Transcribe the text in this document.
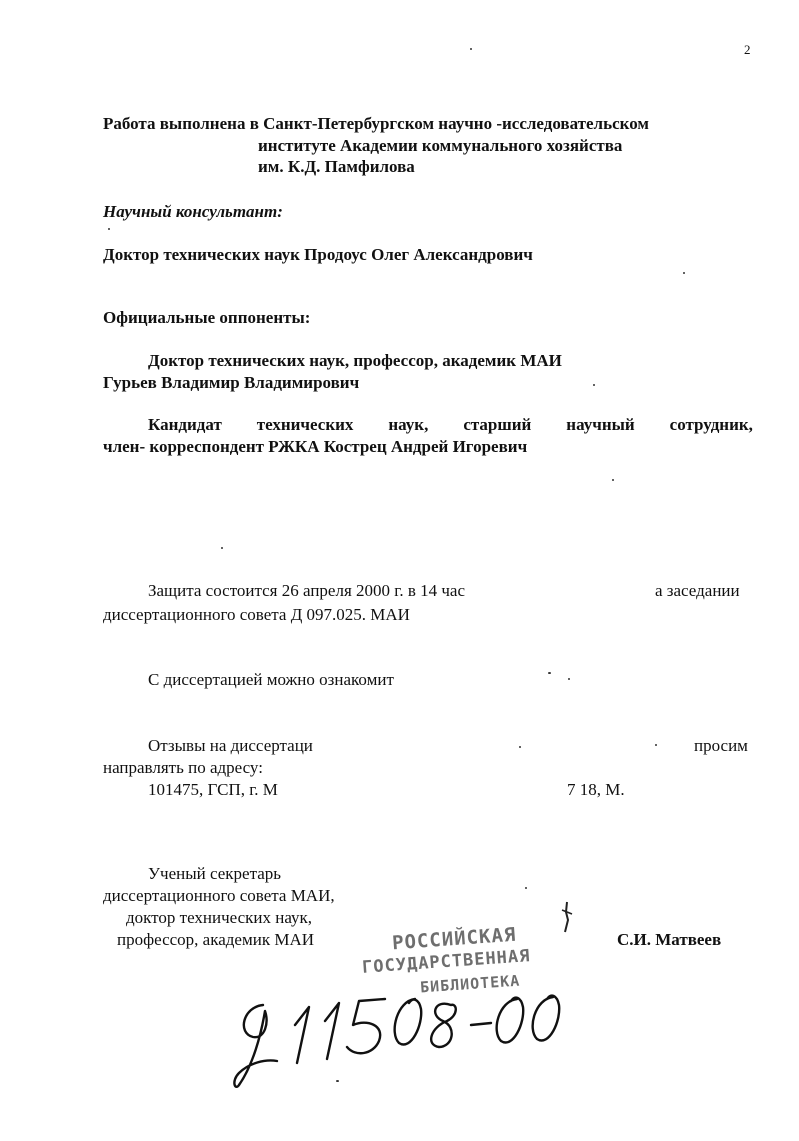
2
Работа выполнена в Санкт-Петербургском научно -исследовательском
институте Академии коммунального хозяйства
им. К.Д. Памфилова
Научный консультант:
Доктор технических наук Продоус Олег Александрович
Официальные оппоненты:
Доктор технических наук, профессор, академик МАИ
Гурьев Владимир Владимирович
Кандидат технических наук, старший научный сотрудник,
член- корреспондент РЖКА Кострец Андрей Игоревич
Защита состоится 26 апреля 2000 г. в 14 час	а заседании
диссертационного совета Д 097.025. МАИ
С диссертацией можно ознакомит
Отзывы на диссертаци	просим
направлять по адресу:
101475, ГСП, г. М	7 18, М.
Ученый секретарь
диссертационного совета МАИ,
доктор технических наук,
профессор, академик МАИ	С.И. Матвеев
РОССИЙСКАЯ
ГОСУДАРСТВЕННАЯ
БИБЛИОТЕКА
